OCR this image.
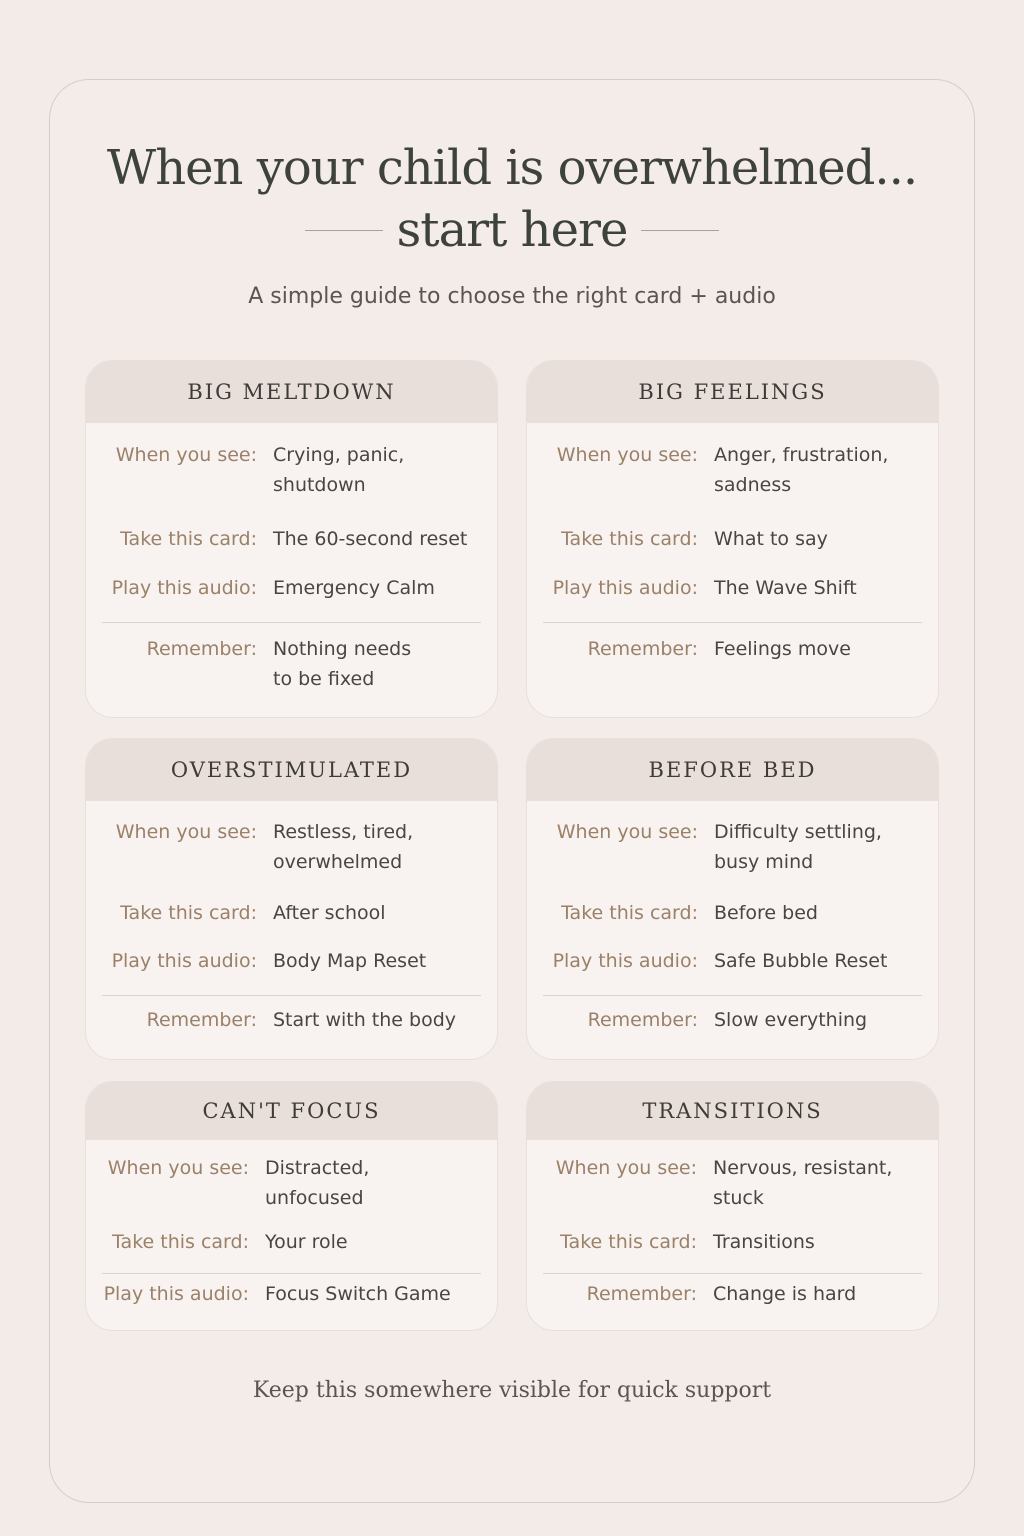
When your child is overwhelmed...
start here
A simple guide to choose the right card + audio
BIG MELTDOWN
When you see: Crying, panic,
shutdown
Take this card: The 60-second reset
Play this audio: Emergency Calm
Remember: Nothing needs
to be fixed
BIG FEELINGS
When you see: Anger, frustration,
sadness
Take this card: What to say
Play this audio: The Wave Shift
Remember: Feelings move
OVERSTIMULATED
When you see: Restless, tired,
overwhelmed
Take this card: After school
Play this audio: Body Map Reset
Remember: Start with the body
BEFORE BED
When you see: Difficulty settling,
busy mind
Take this card: Before bed
Play this audio: Safe Bubble Reset
Remember: Slow everything
CAN'T FOCUS
When you see: Distracted,
unfocused
Take this card: Your role
Play this audio: Focus Switch Game
TRANSITIONS
When you see: Nervous, resistant,
stuck
Take this card: Transitions
Remember: Change is hard
Keep this somewhere visible for quick support
